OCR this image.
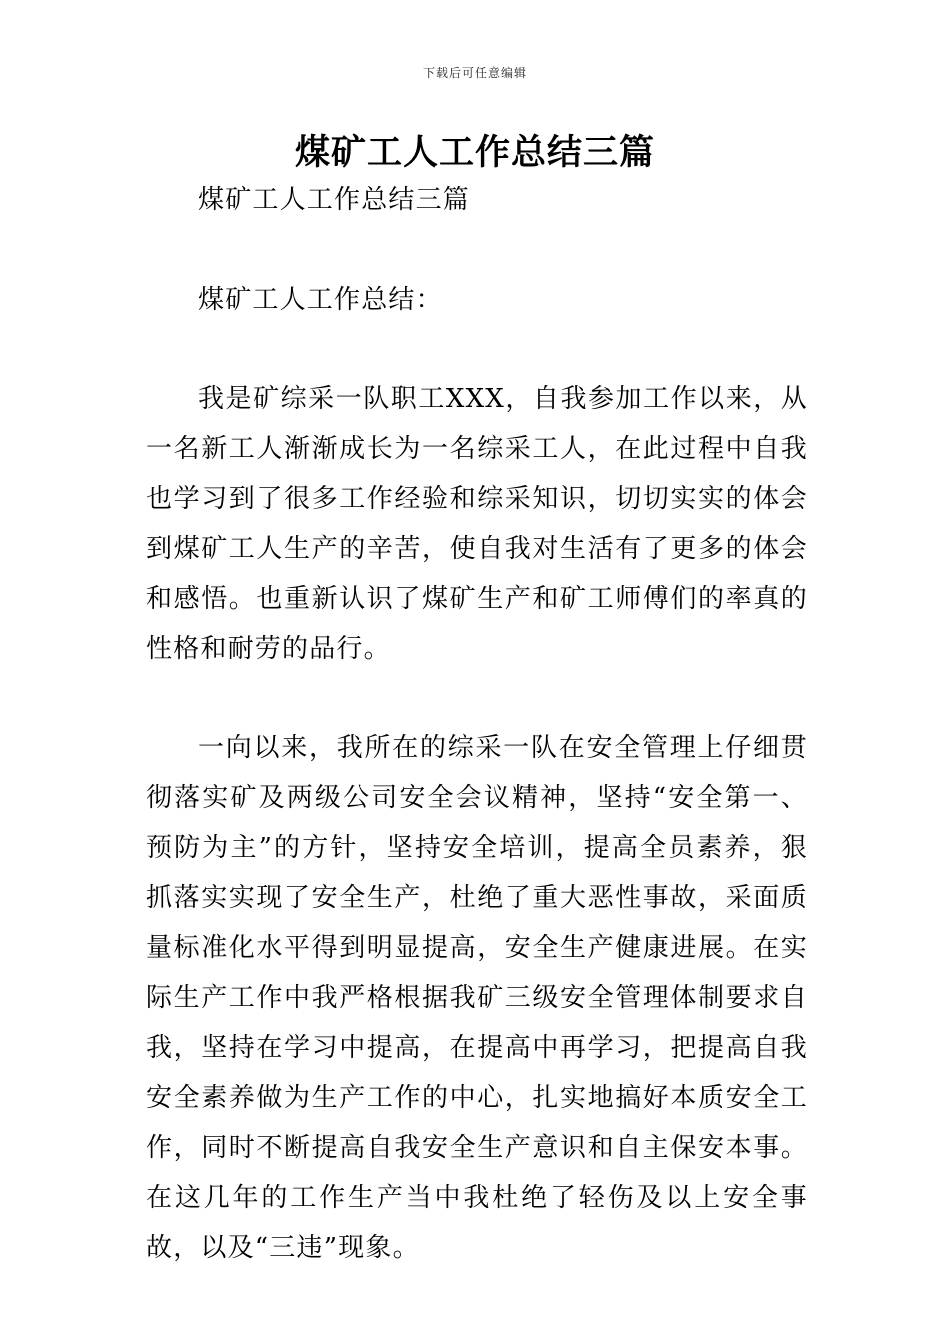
下载后可任意编辑
煤矿工人工作总结三篇

煤矿工人工作总结三篇

煤矿工人工作总结：

我是矿综采一队职工XXX，自我参加工作以来，从一名新工人渐渐成长为一名综采工人，在此过程中自我也学习到了很多工作经验和综采知识，切切实实的体会到煤矿工人生产的辛苦，使自我对生活有了更多的体会和感悟。也重新认识了煤矿生产和矿工师傅们的率真的性格和耐劳的品行。

一向以来，我所在的综采一队在安全管理上仔细贯彻落实矿及两级公司安全会议精神，坚持“安全第一、预防为主”的方针，坚持安全培训，提高全员素养，狠抓落实实现了安全生产，杜绝了重大恶性事故，采面质量标准化水平得到明显提高，安全生产健康进展。在实际生产工作中我严格根据我矿三级安全管理体制要求自我，坚持在学习中提高，在提高中再学习，把提高自我安全素养做为生产工作的中心，扎实地搞好本质安全工作，同时不断提高自我安全生产意识和自主保安本事。在这几年的工作生产当中我杜绝了轻伤及以上安全事故，以及“三违”现象。
